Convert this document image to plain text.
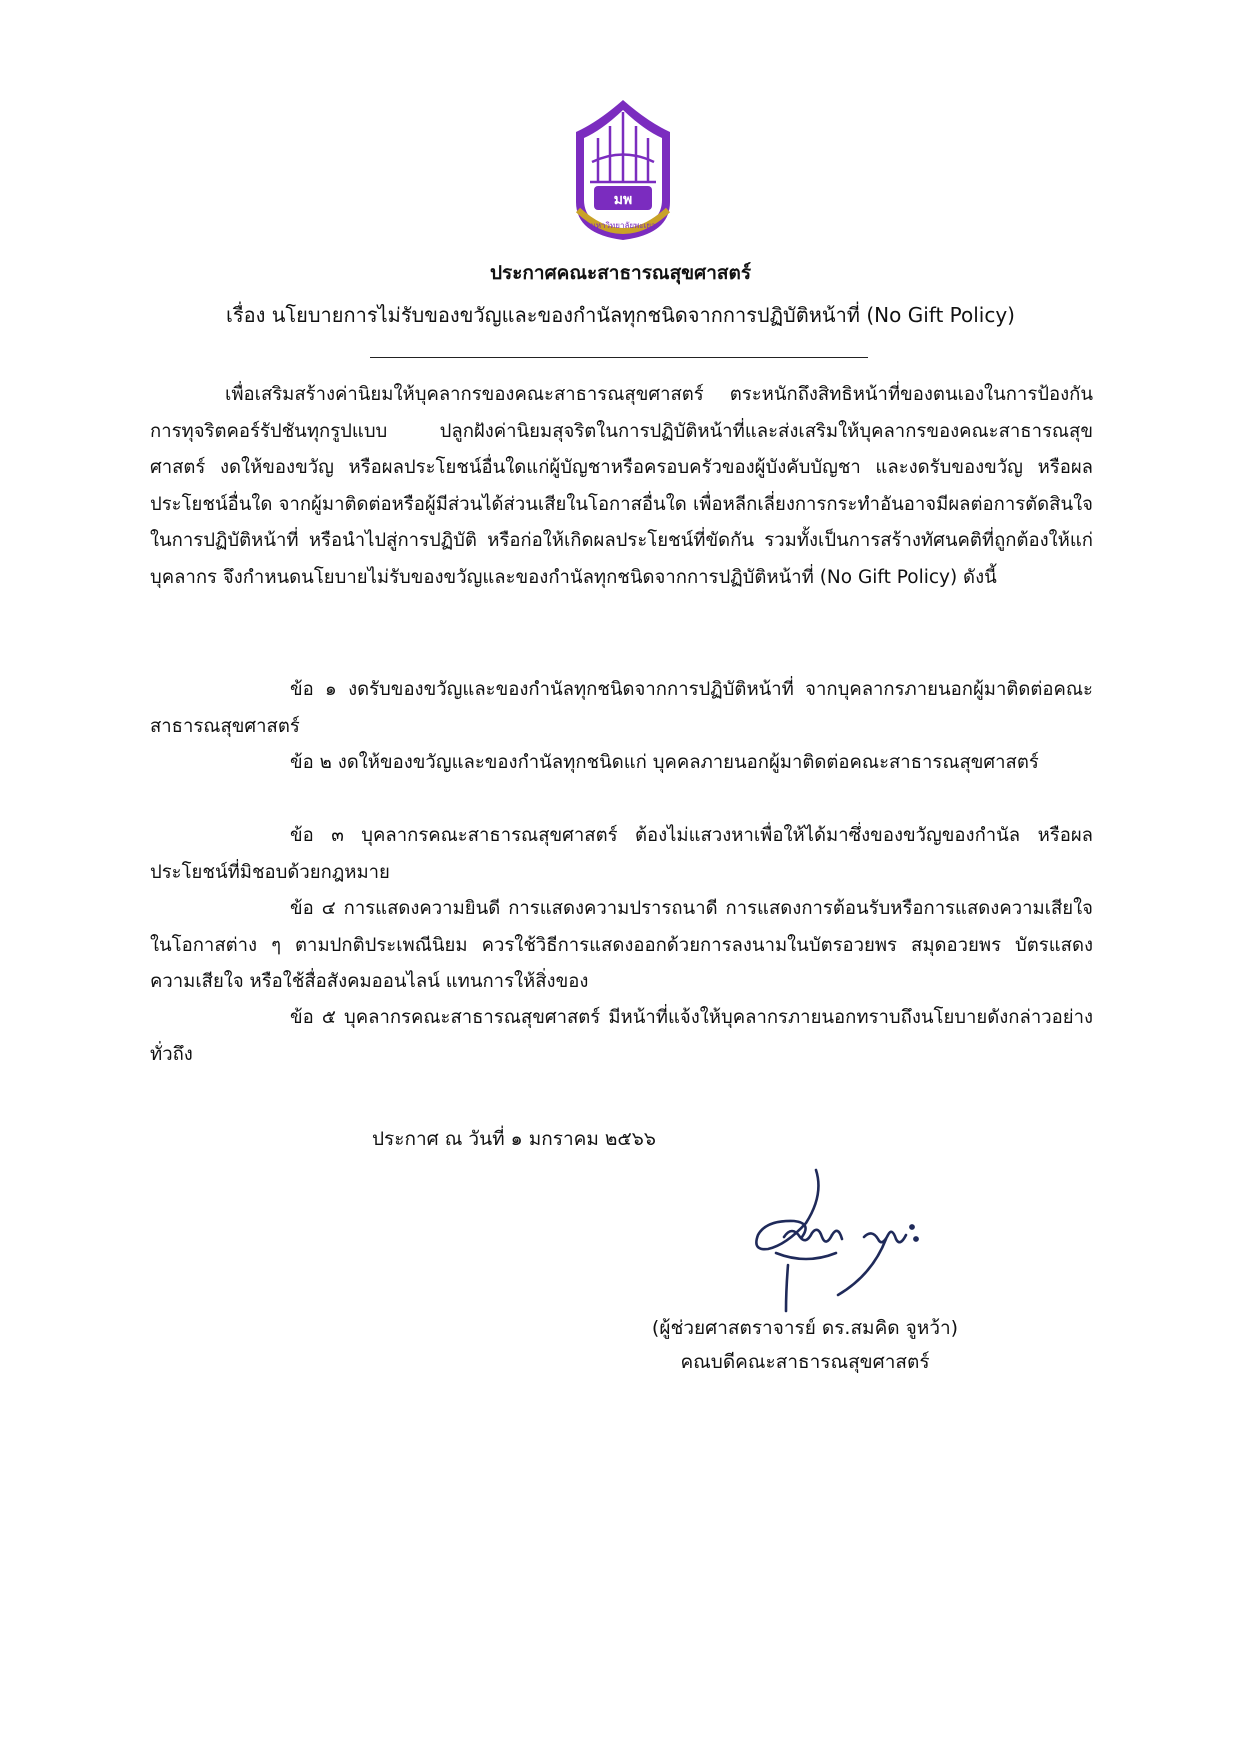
มพ
มหาวิทยาลัยพะเยา
ประกาศคณะสาธารณสุขศาสตร์
เรื่อง นโยบายการไม่รับของขวัญและของกำนัลทุกชนิดจากการปฏิบัติหน้าที่ (No Gift Policy)
เพื่อเสริมสร้างค่านิยมให้บุคลากรของคณะสาธารณสุขศาสตร์ ตระหนักถึงสิทธิหน้าที่ของตนเองในการป้องกันการทุจริตคอร์รัปชันทุกรูปแบบ ปลูกฝังค่านิยมสุจริตในการปฏิบัติหน้าที่และส่งเสริมให้บุคลากรของคณะสาธารณสุขศาสตร์ งดให้ของขวัญ หรือผลประโยชน์อื่นใดแก่ผู้บัญชาหรือครอบครัวของผู้บังคับบัญชา และงดรับของขวัญ หรือผลประโยชน์อื่นใด จากผู้มาติดต่อหรือผู้มีส่วนได้ส่วนเสียในโอกาสอื่นใด เพื่อหลีกเลี่ยงการกระทำอันอาจมีผลต่อการตัดสินใจในการปฏิบัติหน้าที่ หรือนำไปสู่การปฏิบัติ หรือก่อให้เกิดผลประโยชน์ที่ขัดกัน รวมทั้งเป็นการสร้างทัศนคติที่ถูกต้องให้แก่บุคลากร จึงกำหนดนโยบายไม่รับของขวัญและของกำนัลทุกชนิดจากการปฏิบัติหน้าที่ (No Gift Policy) ดังนี้
ข้อ ๑ งดรับของขวัญและของกำนัลทุกชนิดจากการปฏิบัติหน้าที่ จากบุคลากรภายนอกผู้มาติดต่อคณะสาธารณสุขศาสตร์
ข้อ ๒ งดให้ของขวัญและของกำนัลทุกชนิดแก่ บุคคลภายนอกผู้มาติดต่อคณะสาธารณสุขศาสตร์
ข้อ ๓ บุคลากรคณะสาธารณสุขศาสตร์ ต้องไม่แสวงหาเพื่อให้ได้มาซึ่งของขวัญของกำนัล หรือผลประโยชน์ที่มิชอบด้วยกฎหมาย
ข้อ ๔ การแสดงความยินดี การแสดงความปรารถนาดี การแสดงการต้อนรับหรือการแสดงความเสียใจในโอกาสต่าง ๆ ตามปกติประเพณีนิยม ควรใช้วิธีการแสดงออกด้วยการลงนามในบัตรอวยพร สมุดอวยพร บัตรแสดงความเสียใจ หรือใช้สื่อสังคมออนไลน์ แทนการให้สิ่งของ
ข้อ ๕ บุคลากรคณะสาธารณสุขศาสตร์ มีหน้าที่แจ้งให้บุคลากรภายนอกทราบถึงนโยบายดังกล่าวอย่างทั่วถึง
ประกาศ ณ วันที่ ๑ มกราคม ๒๕๖๖
(ผู้ช่วยศาสตราจารย์ ดร.สมคิด จูหว้า)
คณบดีคณะสาธารณสุขศาสตร์
